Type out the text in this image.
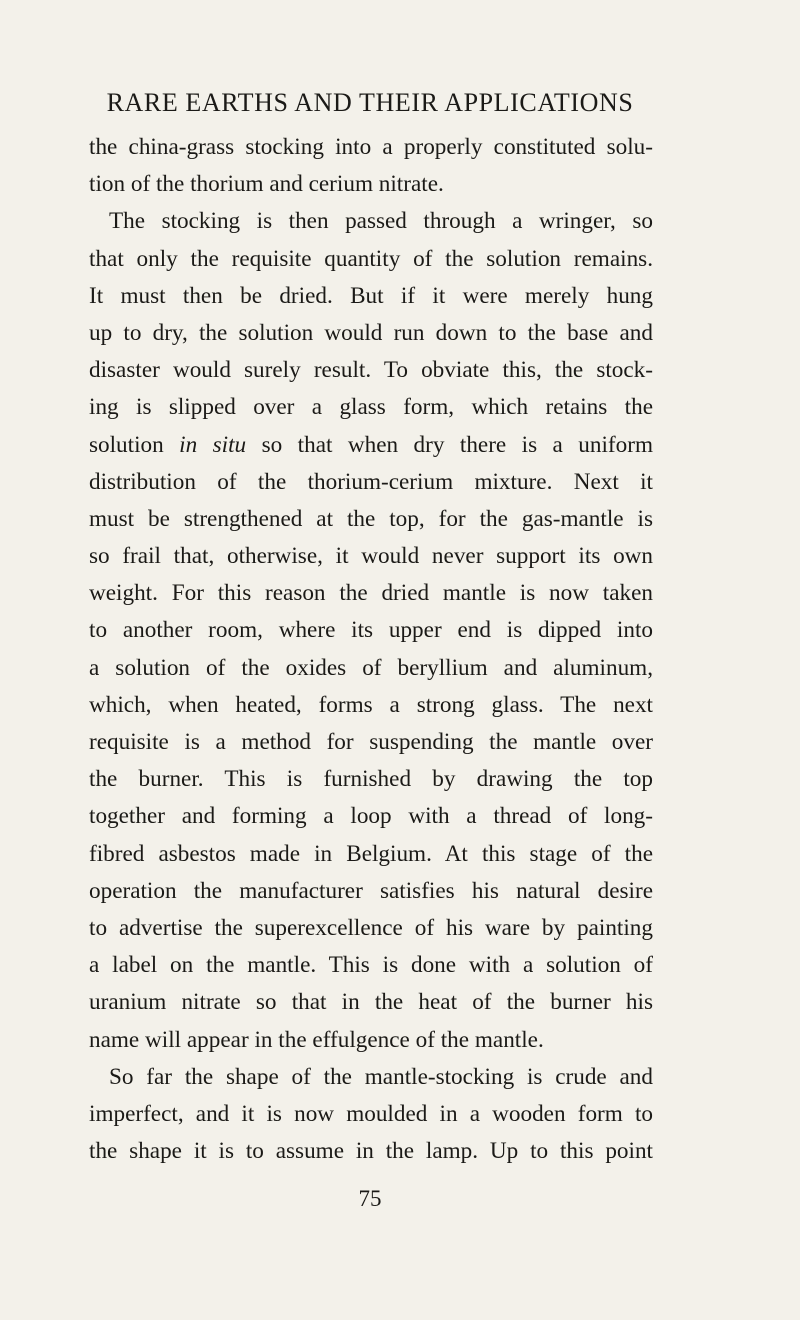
RARE EARTHS AND THEIR APPLICATIONS
the china-grass stocking into a properly constituted solu-
tion of the thorium and cerium nitrate.
The stocking is then passed through a wringer, so
that only the requisite quantity of the solution remains.
It must then be dried. But if it were merely hung
up to dry, the solution would run down to the base and
disaster would surely result. To obviate this, the stock-
ing is slipped over a glass form, which retains the
solution in situ so that when dry there is a uniform
distribution of the thorium-cerium mixture. Next it
must be strengthened at the top, for the gas-mantle is
so frail that, otherwise, it would never support its own
weight. For this reason the dried mantle is now taken
to another room, where its upper end is dipped into
a solution of the oxides of beryllium and aluminum,
which, when heated, forms a strong glass. The next
requisite is a method for suspending the mantle over
the burner. This is furnished by drawing the top
together and forming a loop with a thread of long-
fibred asbestos made in Belgium. At this stage of the
operation the manufacturer satisfies his natural desire
to advertise the superexcellence of his ware by painting
a label on the mantle. This is done with a solution of
uranium nitrate so that in the heat of the burner his
name will appear in the effulgence of the mantle.
So far the shape of the mantle-stocking is crude and
imperfect, and it is now moulded in a wooden form to
the shape it is to assume in the lamp. Up to this point
75
